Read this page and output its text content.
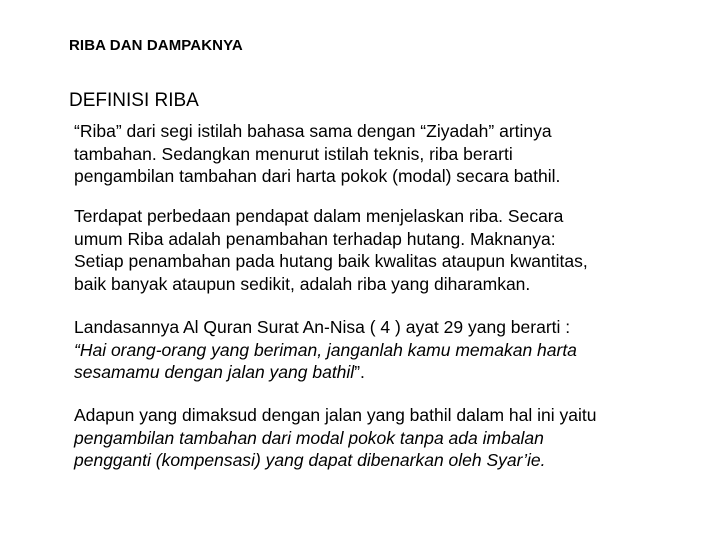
RIBA DAN DAMPAKNYA
DEFINISI RIBA
“Riba” dari segi istilah bahasa sama dengan “Ziyadah” artinya
tambahan. Sedangkan menurut istilah teknis, riba berarti
pengambilan tambahan dari harta pokok (modal) secara bathil.
Terdapat perbedaan pendapat dalam menjelaskan riba. Secara
umum Riba adalah penambahan terhadap hutang. Maknanya:
Setiap penambahan pada hutang baik kwalitas ataupun kwantitas,
baik banyak ataupun sedikit, adalah riba yang diharamkan.
Landasannya Al Quran Surat An-Nisa ( 4 ) ayat 29 yang berarti :
“Hai orang-orang yang beriman, janganlah kamu memakan harta
sesamamu dengan jalan yang bathil”.
Adapun yang dimaksud dengan jalan yang bathil dalam hal ini yaitu
pengambilan tambahan dari modal pokok tanpa ada imbalan
pengganti (kompensasi) yang dapat dibenarkan oleh Syar’ie.
